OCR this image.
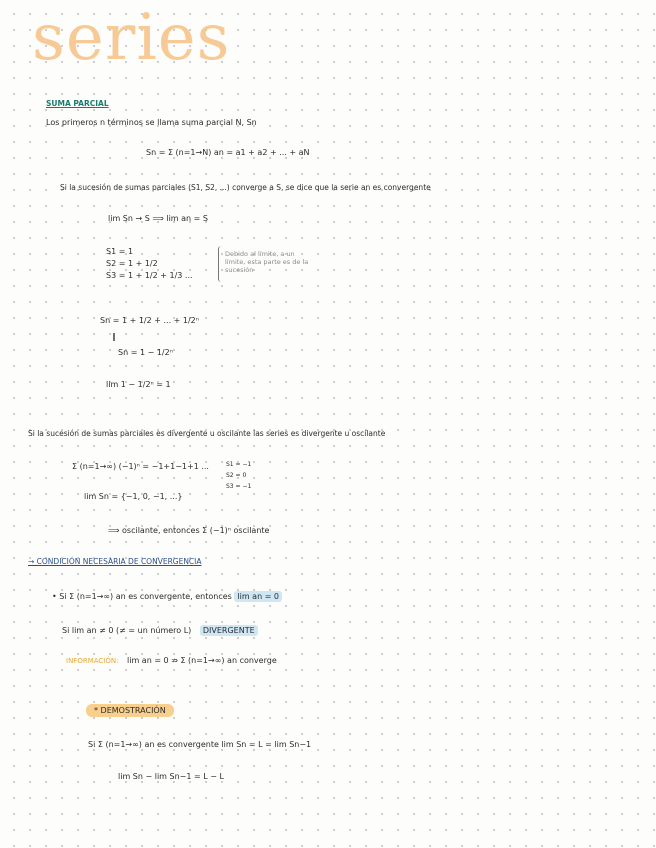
series
SUMA PARCIAL
Los primeros n términos se llama suma parcial N, Sn
Sn = Σ (n=1→N) an = a1 + a2 + ... + aN
Si la sucesión de sumas parciales (S1, S2, ...) converge a S, se dice que la serie an es convergente
lim Sn → S ⟹ lim an = S
S1 = 1
S2 = 1 + 1/2
S3 = 1 + 1/2 + 1/3 ...
Debido al límite, a un límite, esta parte es de la sucesión
Sn = 1 + 1/2 + ... + 1/2ⁿ
‖
Sn = 1 − 1/2ⁿ
lim 1 − 1/2ⁿ = 1
Si la sucesión de sumas parciales es divergente u oscilante las series es divergente u oscilante
Σ (n=1→∞) (−1)ⁿ = −1+1−1+1 ...	S1 = −1
S2 = 0
S3 = −1
lim Sn = {−1, 0, −1, ...}
⟹ oscilante, entonces Σ (−1)ⁿ oscilante
→ CONDICIÓN NECESARIA DE CONVERGENCIA
• Si Σ (n=1→∞) an es convergente, entonces lim an = 0
Si lim an ≠ 0 (≠ = un número L) DIVERGENTE
INFORMACIÓN: lim an = 0 ⇏ Σ (n=1→∞) an converge
* DEMOSTRACIÓN
Si Σ (n=1→∞) an es convergente lim Sn = L = lim Sn−1
lim Sn − lim Sn−1 = L − L
